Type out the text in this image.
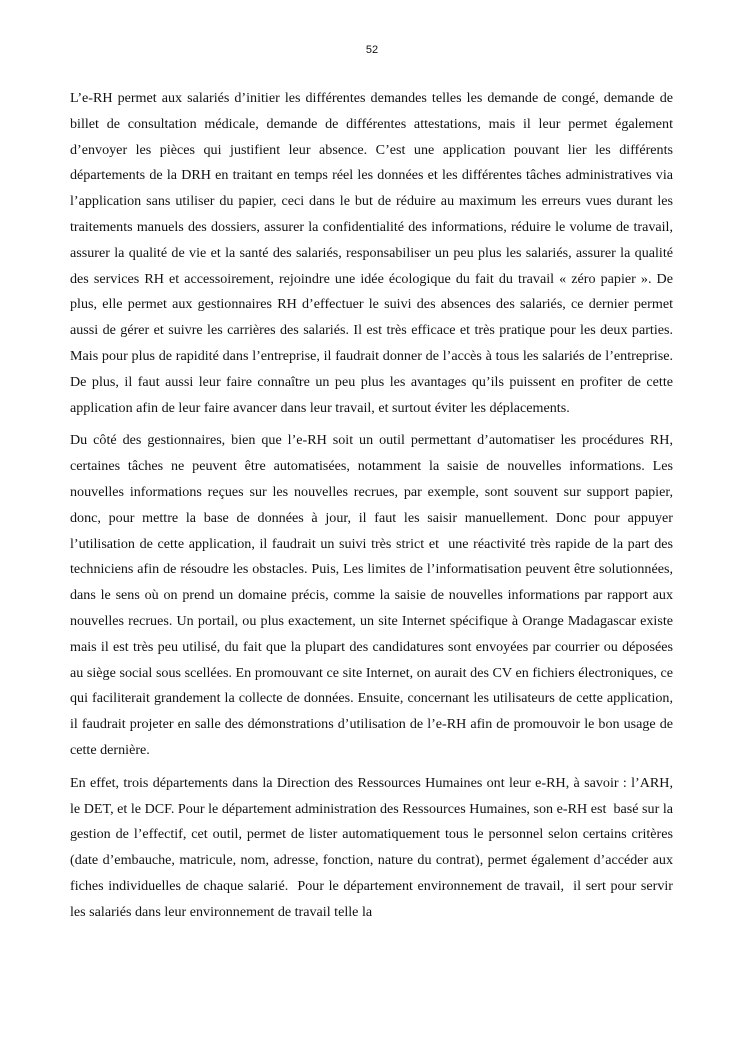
52

L’e-RH permet aux salariés d’initier les différentes demandes telles les demande de congé, demande de billet de consultation médicale, demande de différentes attestations, mais il leur permet également  d’envoyer les pièces qui justifient leur absence. C’est une application pouvant lier les différents départements de la DRH en traitant en temps réel les données et les différentes tâches administratives via l’application sans utiliser du papier, ceci dans le but de réduire au maximum les erreurs vues durant les traitements manuels des dossiers, assurer la confidentialité des informations, réduire le volume de travail, assurer la qualité de vie et la santé des salariés, responsabiliser un peu plus les salariés, assurer la qualité des services RH et accessoirement, rejoindre une idée écologique du fait du travail « zéro papier ». De plus, elle permet aux gestionnaires RH d’effectuer le suivi des absences des salariés, ce dernier permet aussi de gérer et suivre les carrières des salariés. Il est très efficace et très pratique pour les deux parties. Mais pour plus de rapidité dans l’entreprise, il faudrait donner de l’accès à tous les salariés de l’entreprise. De plus, il faut aussi leur faire connaître un peu plus les avantages qu’ils puissent en profiter de cette application afin de leur faire avancer dans leur travail, et surtout éviter les déplacements.

Du côté des gestionnaires, bien que l’e-RH soit un outil permettant d’automatiser les procédures RH, certaines tâches ne peuvent être automatisées, notamment la saisie de nouvelles informations. Les nouvelles informations reçues sur les nouvelles recrues, par exemple, sont souvent sur support papier, donc, pour mettre la base de données à jour, il faut les saisir manuellement. Donc pour appuyer l’utilisation de cette application, il faudrait un suivi très strict et  une réactivité très rapide de la part des techniciens afin de résoudre les obstacles. Puis, Les limites de l’informatisation peuvent être solutionnées, dans le sens où on prend un domaine précis, comme la saisie de nouvelles informations par rapport aux nouvelles recrues. Un portail, ou plus exactement, un site Internet spécifique à Orange Madagascar existe mais il est très peu utilisé, du fait que la plupart des candidatures sont envoyées par courrier ou déposées au siège social sous scellées. En promouvant ce site Internet, on aurait des CV en fichiers électroniques, ce qui faciliterait grandement la collecte de données. Ensuite, concernant les utilisateurs de cette application, il faudrait projeter en salle des démonstrations d’utilisation de l’e-RH afin de promouvoir le bon usage de cette dernière.

En effet, trois départements dans la Direction des Ressources Humaines ont leur e-RH, à savoir : l’ARH, le DET, et le DCF. Pour le département administration des Ressources Humaines, son e-RH est  basé sur la gestion de l’effectif, cet outil, permet de lister automatiquement tous le personnel selon certains critères (date d’embauche, matricule, nom, adresse, fonction, nature du contrat), permet également d’accéder aux fiches individuelles de chaque salarié.  Pour le département environnement de travail,  il sert pour servir les salariés dans leur environnement de travail telle la
